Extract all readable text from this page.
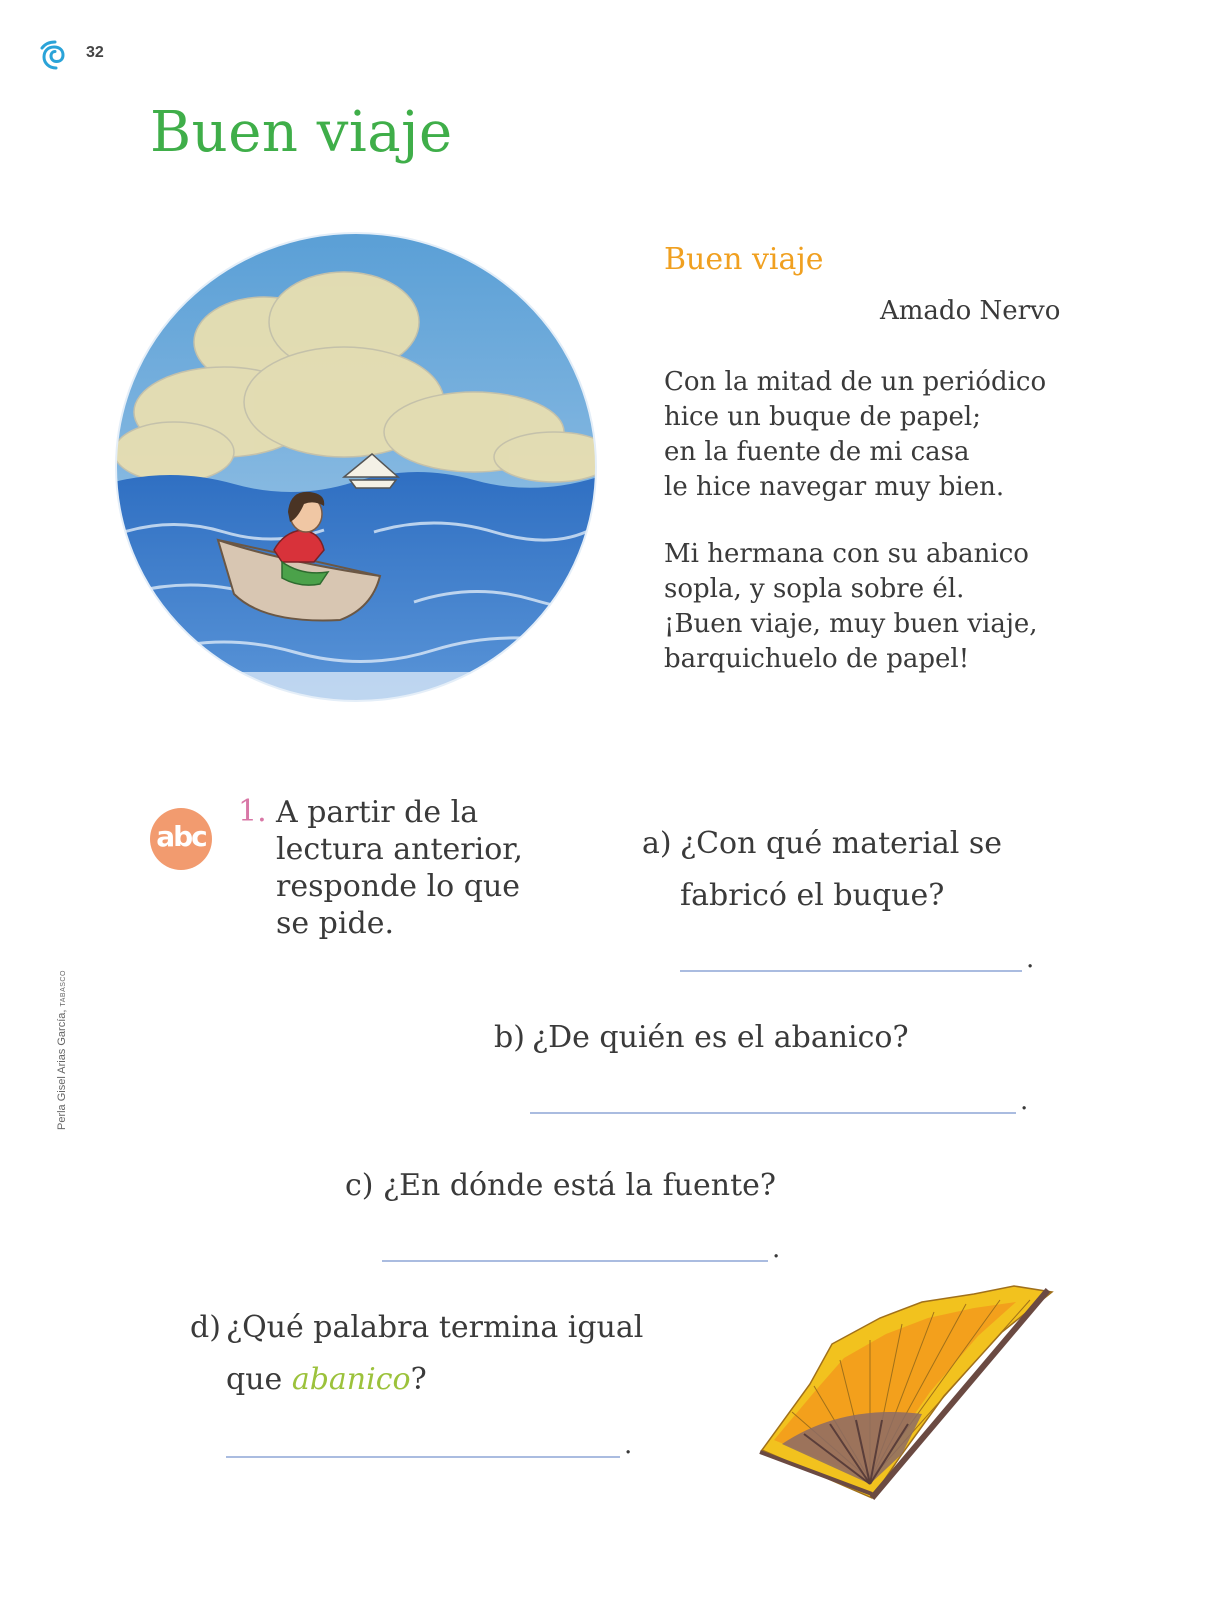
32
Buen viaje
Buen viaje
Amado Nervo
Con la mitad de un periódico
hice un buque de papel;
en la fuente de mi casa
le hice navegar muy bien.
Mi hermana con su abanico
sopla, y sopla sobre él.
¡Buen viaje, muy buen viaje,
barquichuelo de papel!
abc
1. A partir de la
lectura anterior,
responde lo que
se pide.
a) ¿Con qué material se
fabricó el buque?
.
b) ¿De quién es el abanico?
.
c) ¿En dónde está la fuente?
.
d) ¿Qué palabra termina igual
que abanico?
.
Perla Gisel Arias García, TABASCO
